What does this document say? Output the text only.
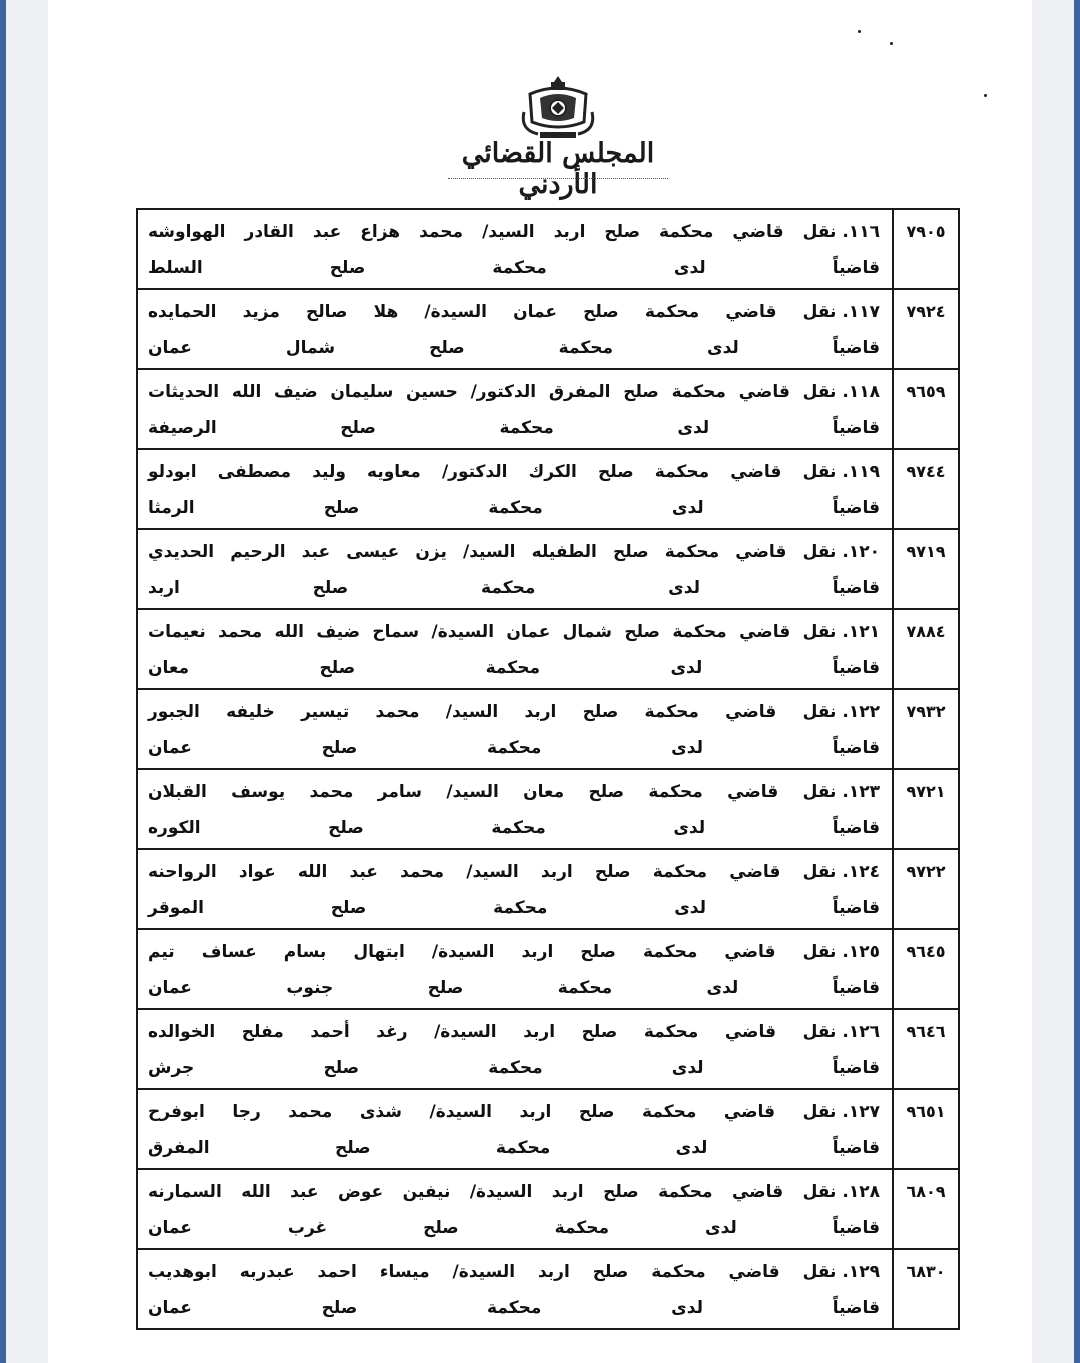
المجلس القضائي الأردني
٧٩٠٥	١١٦.نقل قاضي محكمة صلح اربد السيد/ محمد هزاع عبد القادر الهواوشه
قاضياً لدى محكمة صلح السلط

٧٩٢٤	١١٧.نقل قاضي محكمة صلح عمان السيدة/ هلا صالح مزيد الحمايده
قاضياً لدى محكمة صلح شمال عمان

٩٦٥٩	١١٨.نقل قاضي محكمة صلح المفرق الدكتور/ حسين سليمان ضيف الله الحديثات
قاضياً لدى محكمة صلح الرصيفة

٩٧٤٤	١١٩.نقل قاضي محكمة صلح الكرك الدكتور/ معاويه وليد مصطفى ابودلو
قاضياً لدى محكمة صلح الرمثا

٩٧١٩	١٢٠.نقل قاضي محكمة صلح الطفيله السيد/ يزن عيسى عبد الرحيم الحديدي
قاضياً لدى محكمة صلح اربد

٧٨٨٤	١٢١.نقل قاضي محكمة صلح شمال عمان السيدة/ سماح ضيف الله محمد نعيمات
قاضياً لدى محكمة صلح معان

٧٩٣٢	١٢٢.نقل قاضي محكمة صلح اربد السيد/ محمد تيسير خليفه الجبور
قاضياً لدى محكمة صلح عمان

٩٧٢١	١٢٣.نقل قاضي محكمة صلح معان السيد/ سامر محمد يوسف القبلان
قاضياً لدى محكمة صلح الكوره

٩٧٢٢	١٢٤.نقل قاضي محكمة صلح اربد السيد/ محمد عبد الله عواد الرواحنه
قاضياً لدى محكمة صلح الموقر

٩٦٤٥	١٢٥.نقل قاضي محكمة صلح اربد السيدة/ ابتهال بسام عساف تيم
قاضياً لدى محكمة صلح جنوب عمان

٩٦٤٦	١٢٦.نقل قاضي محكمة صلح اربد السيدة/ رغد أحمد مفلح الخوالده
قاضياً لدى محكمة صلح جرش

٩٦٥١	١٢٧.نقل قاضي محكمة صلح اربد السيدة/ شذى محمد رجا ابوفرح
قاضياً لدى محكمة صلح المفرق

٦٨٠٩	١٢٨.نقل قاضي محكمة صلح اربد السيدة/ نيفين عوض عبد الله السمارنه
قاضياً لدى محكمة صلح غرب عمان

٦٨٣٠	١٢٩.نقل قاضي محكمة صلح اربد السيدة/ ميساء احمد عبدربه ابوهديب
قاضياً لدى محكمة صلح عمان
